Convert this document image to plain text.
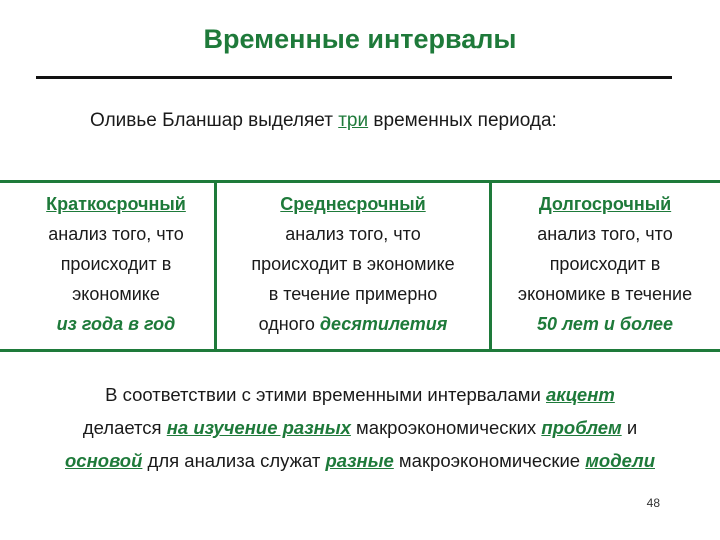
Временные интервалы
Оливье Бланшар выделяет три временных периода:
Краткосрочный
анализ того, что
происходит в
экономике
из года в год
Среднесрочный
анализ того, что
происходит в экономике
в течение примерно
одного десятилетия
Долгосрочный
анализ того, что
происходит в
экономике в течение
50 лет и более
В соответствии с этими временными интервалами акцент
делается на изучение разных макроэкономических проблем и
основой для анализа служат разные макроэкономические модели
48
